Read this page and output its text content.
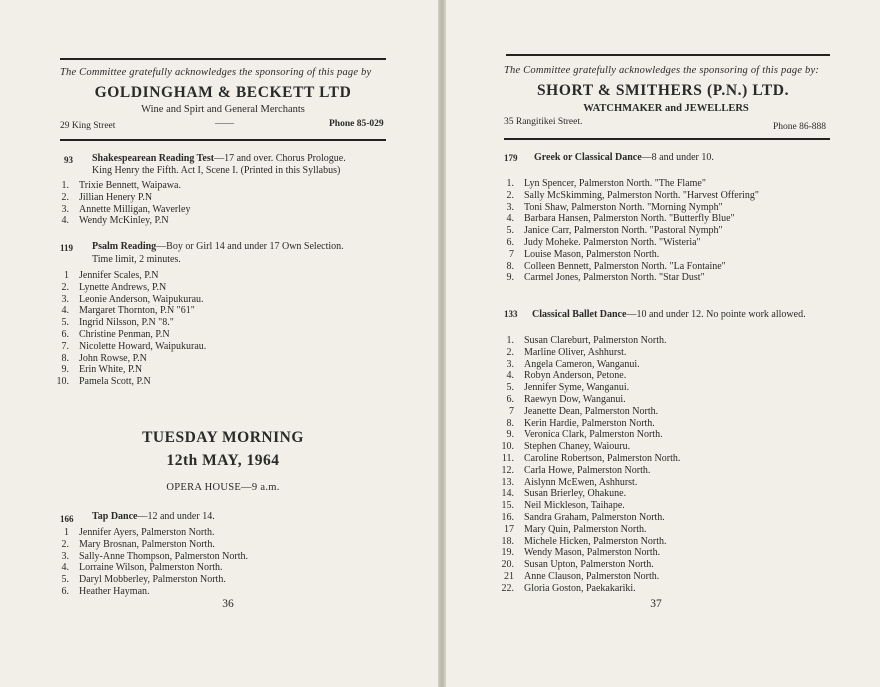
The Committee gratefully acknowledges the sponsoring of this page by
GOLDINGHAM & BECKETT LTD
Wine and Spirt and General Merchants
29 King Street	——	Phone 85-029
93 Shakespearean Reading Test—17 and over. Chorus Prologue.
King Henry the Fifth. Act I, Scene I. (Printed in this Syllabus)
1. Trixie Bennett, Waipawa.
2. Jillian Henery P.N
3. Annette Milligan, Waverley
4. Wendy McKinley, P.N
119 Psalm Reading—Boy or Girl 14 and under 17 Own Selection.
Time limit, 2 minutes.
1 Jennifer Scales, P.N
2. Lynette Andrews, P.N
3. Leonie Anderson, Waipukurau.
4. Margaret Thornton, P.N "61"
5. Ingrid Nilsson, P.N "8."
6. Christine Penman, P.N
7. Nicolette Howard, Waipukurau.
8. John Rowse, P.N
9. Erin White, P.N
10. Pamela Scott, P.N
TUESDAY MORNING
12th MAY, 1964
OPERA HOUSE—9 a.m.
166 Tap Dance—12 and under 14.
1 Jennifer Ayers, Palmerston North.
2. Mary Brosnan, Palmerston North.
3. Sally-Anne Thompson, Palmerston North.
4. Lorraine Wilson, Palmerston North.
5. Daryl Mobberley, Palmerston North.
6. Heather Hayman.
36
The Committee gratefully acknowledges the sponsoring of this page by:
SHORT & SMITHERS (P.N.) LTD.
WATCHMAKER and JEWELLERS
35 Rangitikei Street.	Phone 86-888
179 Greek or Classical Dance—8 and under 10.
1. Lyn Spencer, Palmerston North. "The Flame"
2. Sally McSkimming, Palmerston North. "Harvest Offering"
3. Toni Shaw, Palmerston North. "Morning Nymph"
4. Barbara Hansen, Palmerston North. "Butterfly Blue"
5. Janice Carr, Palmerston North. "Pastoral Nymph"
6. Judy Moheke. Palmerston North. "Wisteria"
7 Louise Mason, Palmerston North.
8. Colleen Bennett, Palmerston North. "La Fontaine"
9. Carmel Jones, Palmerston North. "Star Dust"
133 Classical Ballet Dance—10 and under 12. No pointe work allowed.
1. Susan Clareburt, Palmerston North.
2. Marline Oliver, Ashhurst.
3. Angela Cameron, Wanganui.
4. Robyn Anderson, Petone.
5. Jennifer Syme, Wanganui.
6. Raewyn Dow, Wanganui.
7 Jeanette Dean, Palmerston North.
8. Kerin Hardie, Palmerston North.
9. Veronica Clark, Palmerston North.
10. Stephen Chaney, Waiouru.
11. Caroline Robertson, Palmerston North.
12. Carla Howe, Palmerston North.
13. Aislynn McEwen, Ashhurst.
14. Susan Brierley, Ohakune.
15. Neil Mickleson, Taihape.
16. Sandra Graham, Palmerston North.
17 Mary Quin, Palmerston North.
18. Michele Hicken, Palmerston North.
19. Wendy Mason, Palmerston North.
20. Susan Upton, Palmerston North.
21 Anne Clauson, Palmerston North.
22. Gloria Goston, Paekakariki.
37
